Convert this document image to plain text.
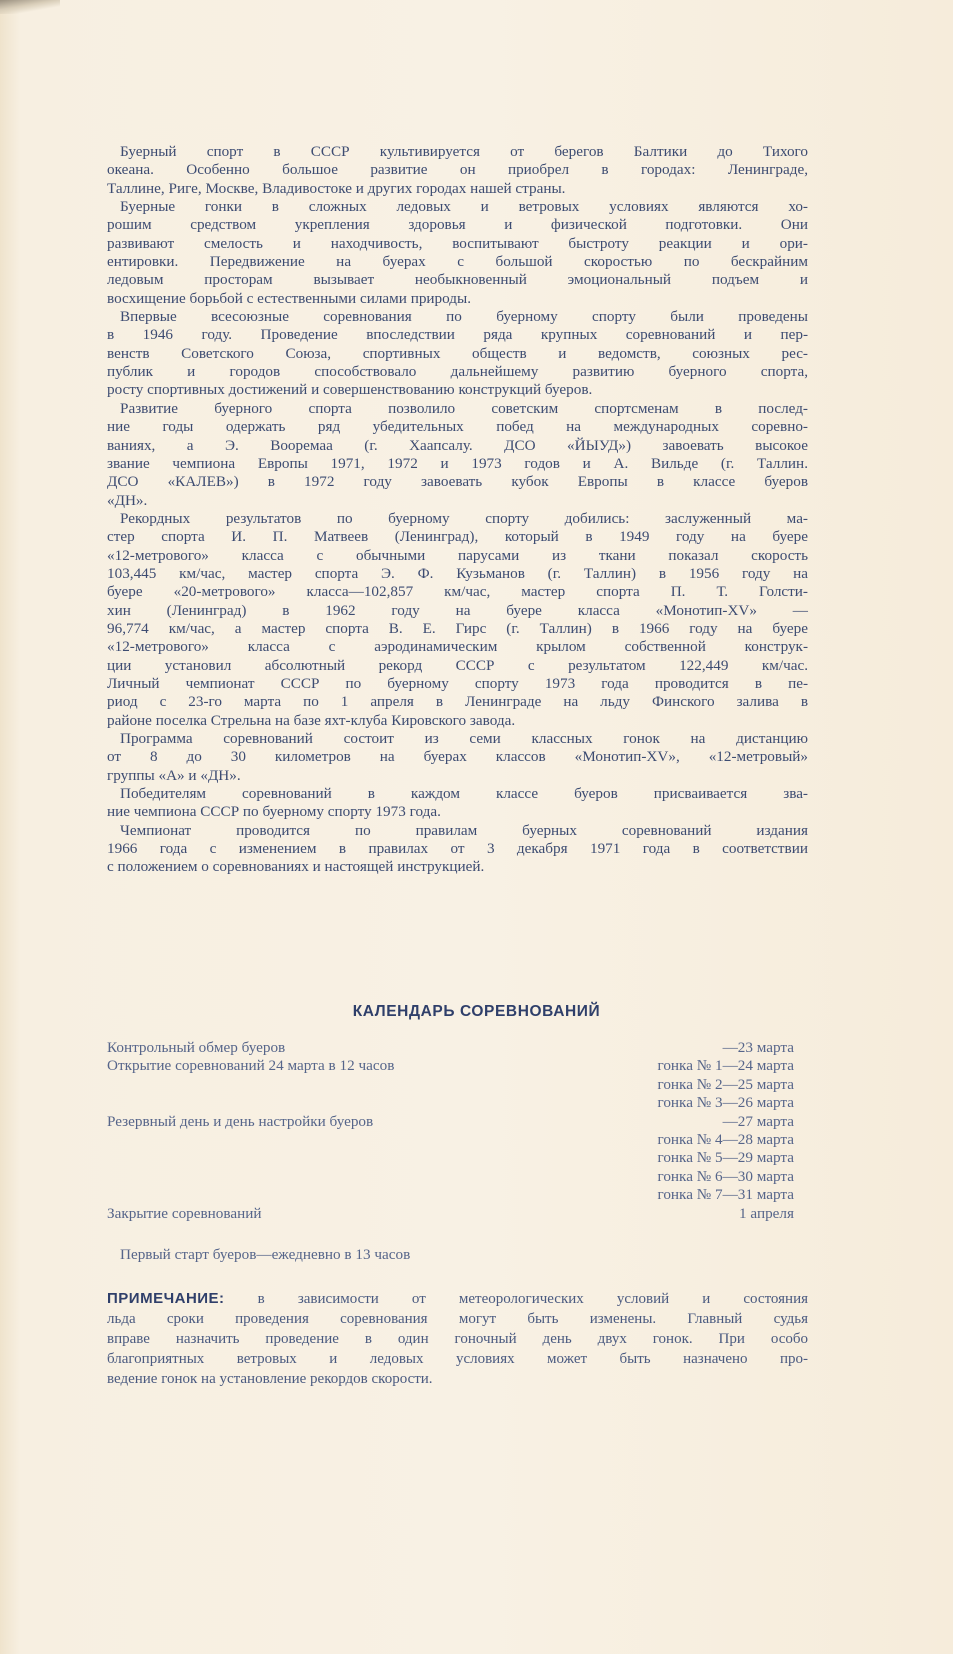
Буерный спорт в СССР культивируется от берегов Балтики до Тихого
океана. Особенно большое развитие он приобрел в городах: Ленинграде,
Таллине, Риге, Москве, Владивостоке и других городах нашей страны.
Буерные гонки в сложных ледовых и ветровых условиях являются хо-
рошим средством укрепления здоровья и физической подготовки. Они
развивают смелость и находчивость, воспитывают быстроту реакции и ори-
ентировки. Передвижение на буерах с большой скоростью по бескрайним
ледовым просторам вызывает необыкновенный эмоциональный подъем и
восхищение борьбой с естественными силами природы.
Впервые всесоюзные соревнования по буерному спорту были проведены
в 1946 году. Проведение впоследствии ряда крупных соревнований и пер-
венств Советского Союза, спортивных обществ и ведомств, союзных рес-
публик и городов способствовало дальнейшему развитию буерного спорта,
росту спортивных достижений и совершенствованию конструкций буеров.
Развитие буерного спорта позволило советским спортсменам в послед-
ние годы одержать ряд убедительных побед на международных соревно-
ваниях, а Э. Вооремаа (г. Хаапсалу. ДСО «ЙЫУД») завоевать высокое
звание чемпиона Европы 1971, 1972 и 1973 годов и А. Вильде (г. Таллин.
ДСО «КАЛЕВ») в 1972 году завоевать кубок Европы в классе буеров
«ДН».
Рекордных результатов по буерному спорту добились: заслуженный ма-
стер спорта И. П. Матвеев (Ленинград), который в 1949 году на буере
«12-метрового» класса с обычными парусами из ткани показал скорость
103,445 км/час, мастер спорта Э. Ф. Кузьманов (г. Таллин) в 1956 году на
буере «20-метрового» класса—102,857 км/час, мастер спорта П. Т. Голсти-
хин (Ленинград) в 1962 году на буере класса «Монотип-XV» —
96,774 км/час, а мастер спорта В. Е. Гирс (г. Таллин) в 1966 году на буере
«12-метрового» класса с аэродинамическим крылом собственной конструк-
ции установил абсолютный рекорд СССР с результатом 122,449 км/час.
Личный чемпионат СССР по буерному спорту 1973 года проводится в пе-
риод с 23-го марта по 1 апреля в Ленинграде на льду Финского залива в
районе поселка Стрельна на базе яхт-клуба Кировского завода.
Программа соревнований состоит из семи классных гонок на дистанцию
от 8 до 30 километров на буерах классов «Монотип-XV», «12-метровый»
группы «А» и «ДН».
Победителям соревнований в каждом классе буеров присваивается зва-
ние чемпиона СССР по буерному спорту 1973 года.
Чемпионат проводится по правилам буерных соревнований издания
1966 года с изменением в правилах от 3 декабря 1971 года в соответствии
с положением о соревнованиях и настоящей инструкцией.
КАЛЕНДАРЬ СОРЕВНОВАНИЙ
Контрольный обмер буеров	—23 марта
Открытие соревнований 24 марта в 12 часов	гонка № 1—24 марта
гонка № 2—25 марта
гонка № 3—26 марта
Резервный день и день настройки буеров	—27 марта
гонка № 4—28 марта
гонка № 5—29 марта
гонка № 6—30 марта
гонка № 7—31 марта
Закрытие соревнований	1 апреля
Первый старт буеров—ежедневно в 13 часов
ПРИМЕЧАНИЕ: в зависимости от метеорологических условий и состояния
льда сроки проведения соревнования могут быть изменены. Главный судья
вправе назначить проведение в один гоночный день двух гонок. При особо
благоприятных ветровых и ледовых условиях может быть назначено про-
ведение гонок на установление рекордов скорости.
